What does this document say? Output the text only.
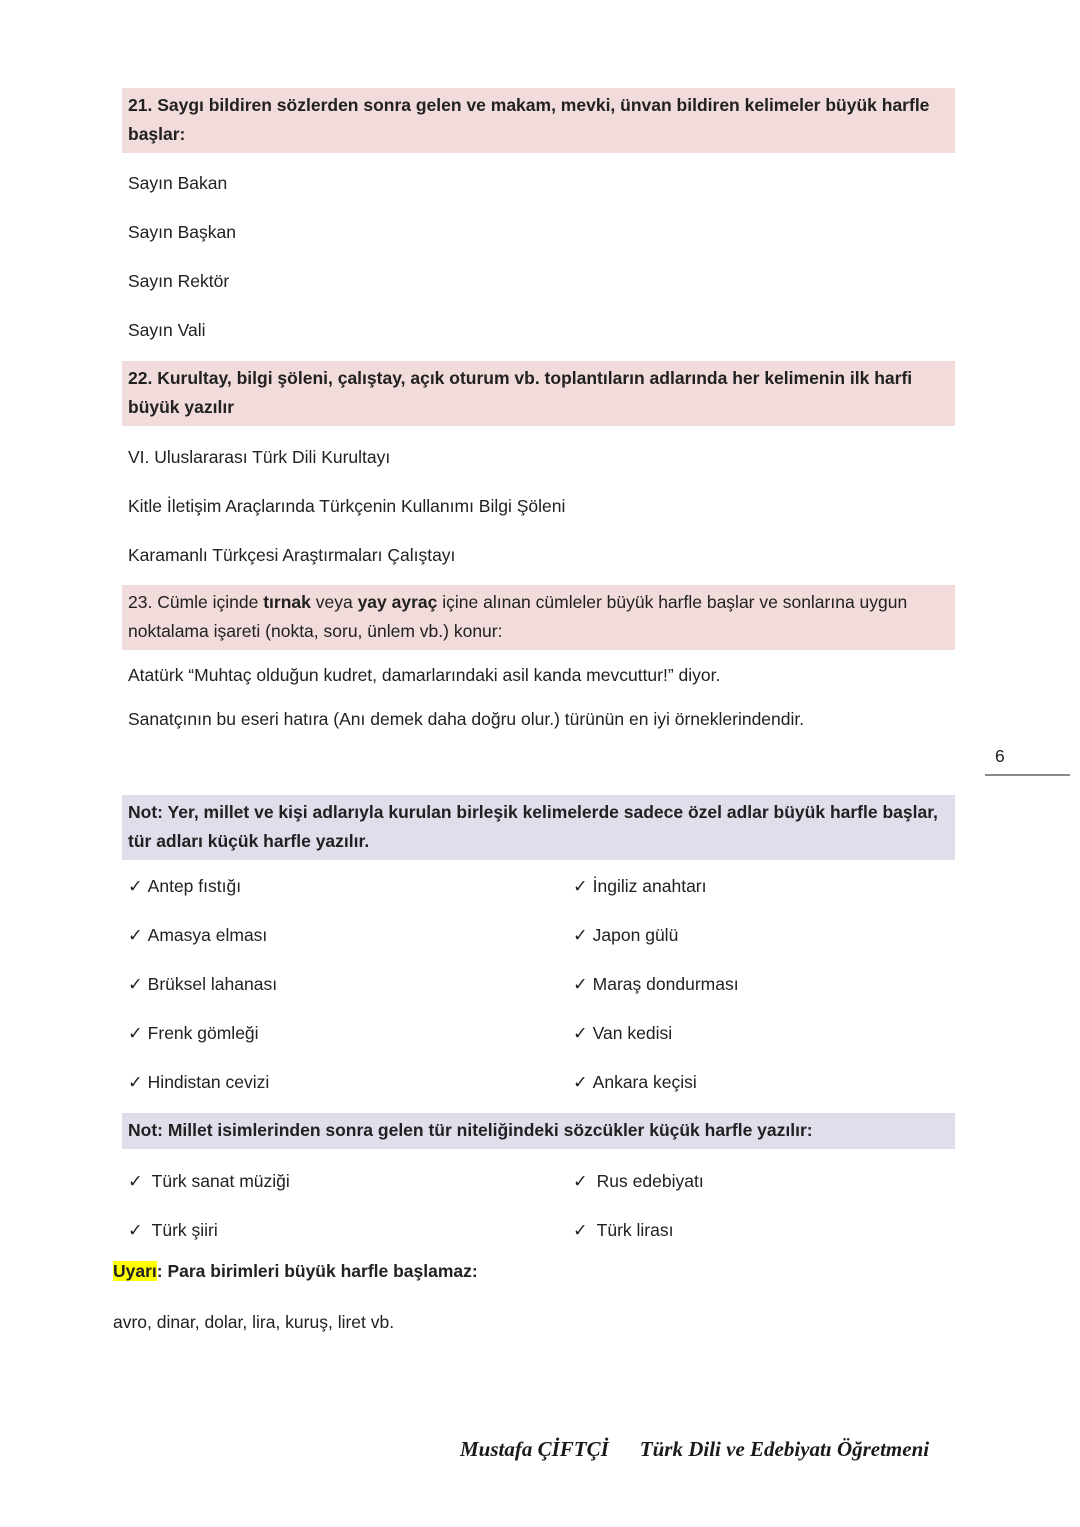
21. Saygı bildiren sözlerden sonra gelen ve makam, mevki, ünvan bildiren kelimeler büyük harfle başlar:
Sayın Bakan
Sayın Başkan
Sayın Rektör
Sayın Vali
22. Kurultay, bilgi şöleni, çalıştay, açık oturum vb. toplantıların adlarında her kelimenin ilk harfi büyük yazılır
VI. Uluslararası Türk Dili Kurultayı
Kitle İletişim Araçlarında Türkçenin Kullanımı Bilgi Şöleni
Karamanlı Türkçesi Araştırmaları Çalıştayı
23. Cümle içinde tırnak veya yay ayraç içine alınan cümleler büyük harfle başlar ve sonlarına uygun noktalama işareti (nokta, soru, ünlem vb.) konur:
Atatürk “Muhtaç olduğun kudret, damarlarındaki asil kanda mevcuttur!” diyor.
Sanatçının bu eseri hatıra (Anı demek daha doğru olur.) türünün en iyi örneklerindendir.
6
Not: Yer, millet ve kişi adlarıyla kurulan birleşik kelimelerde sadece özel adlar büyük harfle başlar, tür adları küçük harfle yazılır.
✓ Antep fıstığı	✓ İngiliz anahtarı
✓ Amasya elması	✓ Japon gülü
✓ Brüksel lahanası	✓ Maraş dondurması
✓ Frenk gömleği	✓ Van kedisi
✓ Hindistan cevizi	✓ Ankara keçisi
Not: Millet isimlerinden sonra gelen tür niteliğindeki sözcükler küçük harfle yazılır:
✓ Türk sanat müziği	✓ Rus edebiyatı
✓ Türk şiiri	✓ Türk lirası
Uyarı: Para birimleri büyük harfle başlamaz:
avro, dinar, dolar, lira, kuruş, liret vb.
Mustafa ÇİFTÇİ Türk Dili ve Edebiyatı Öğretmeni
